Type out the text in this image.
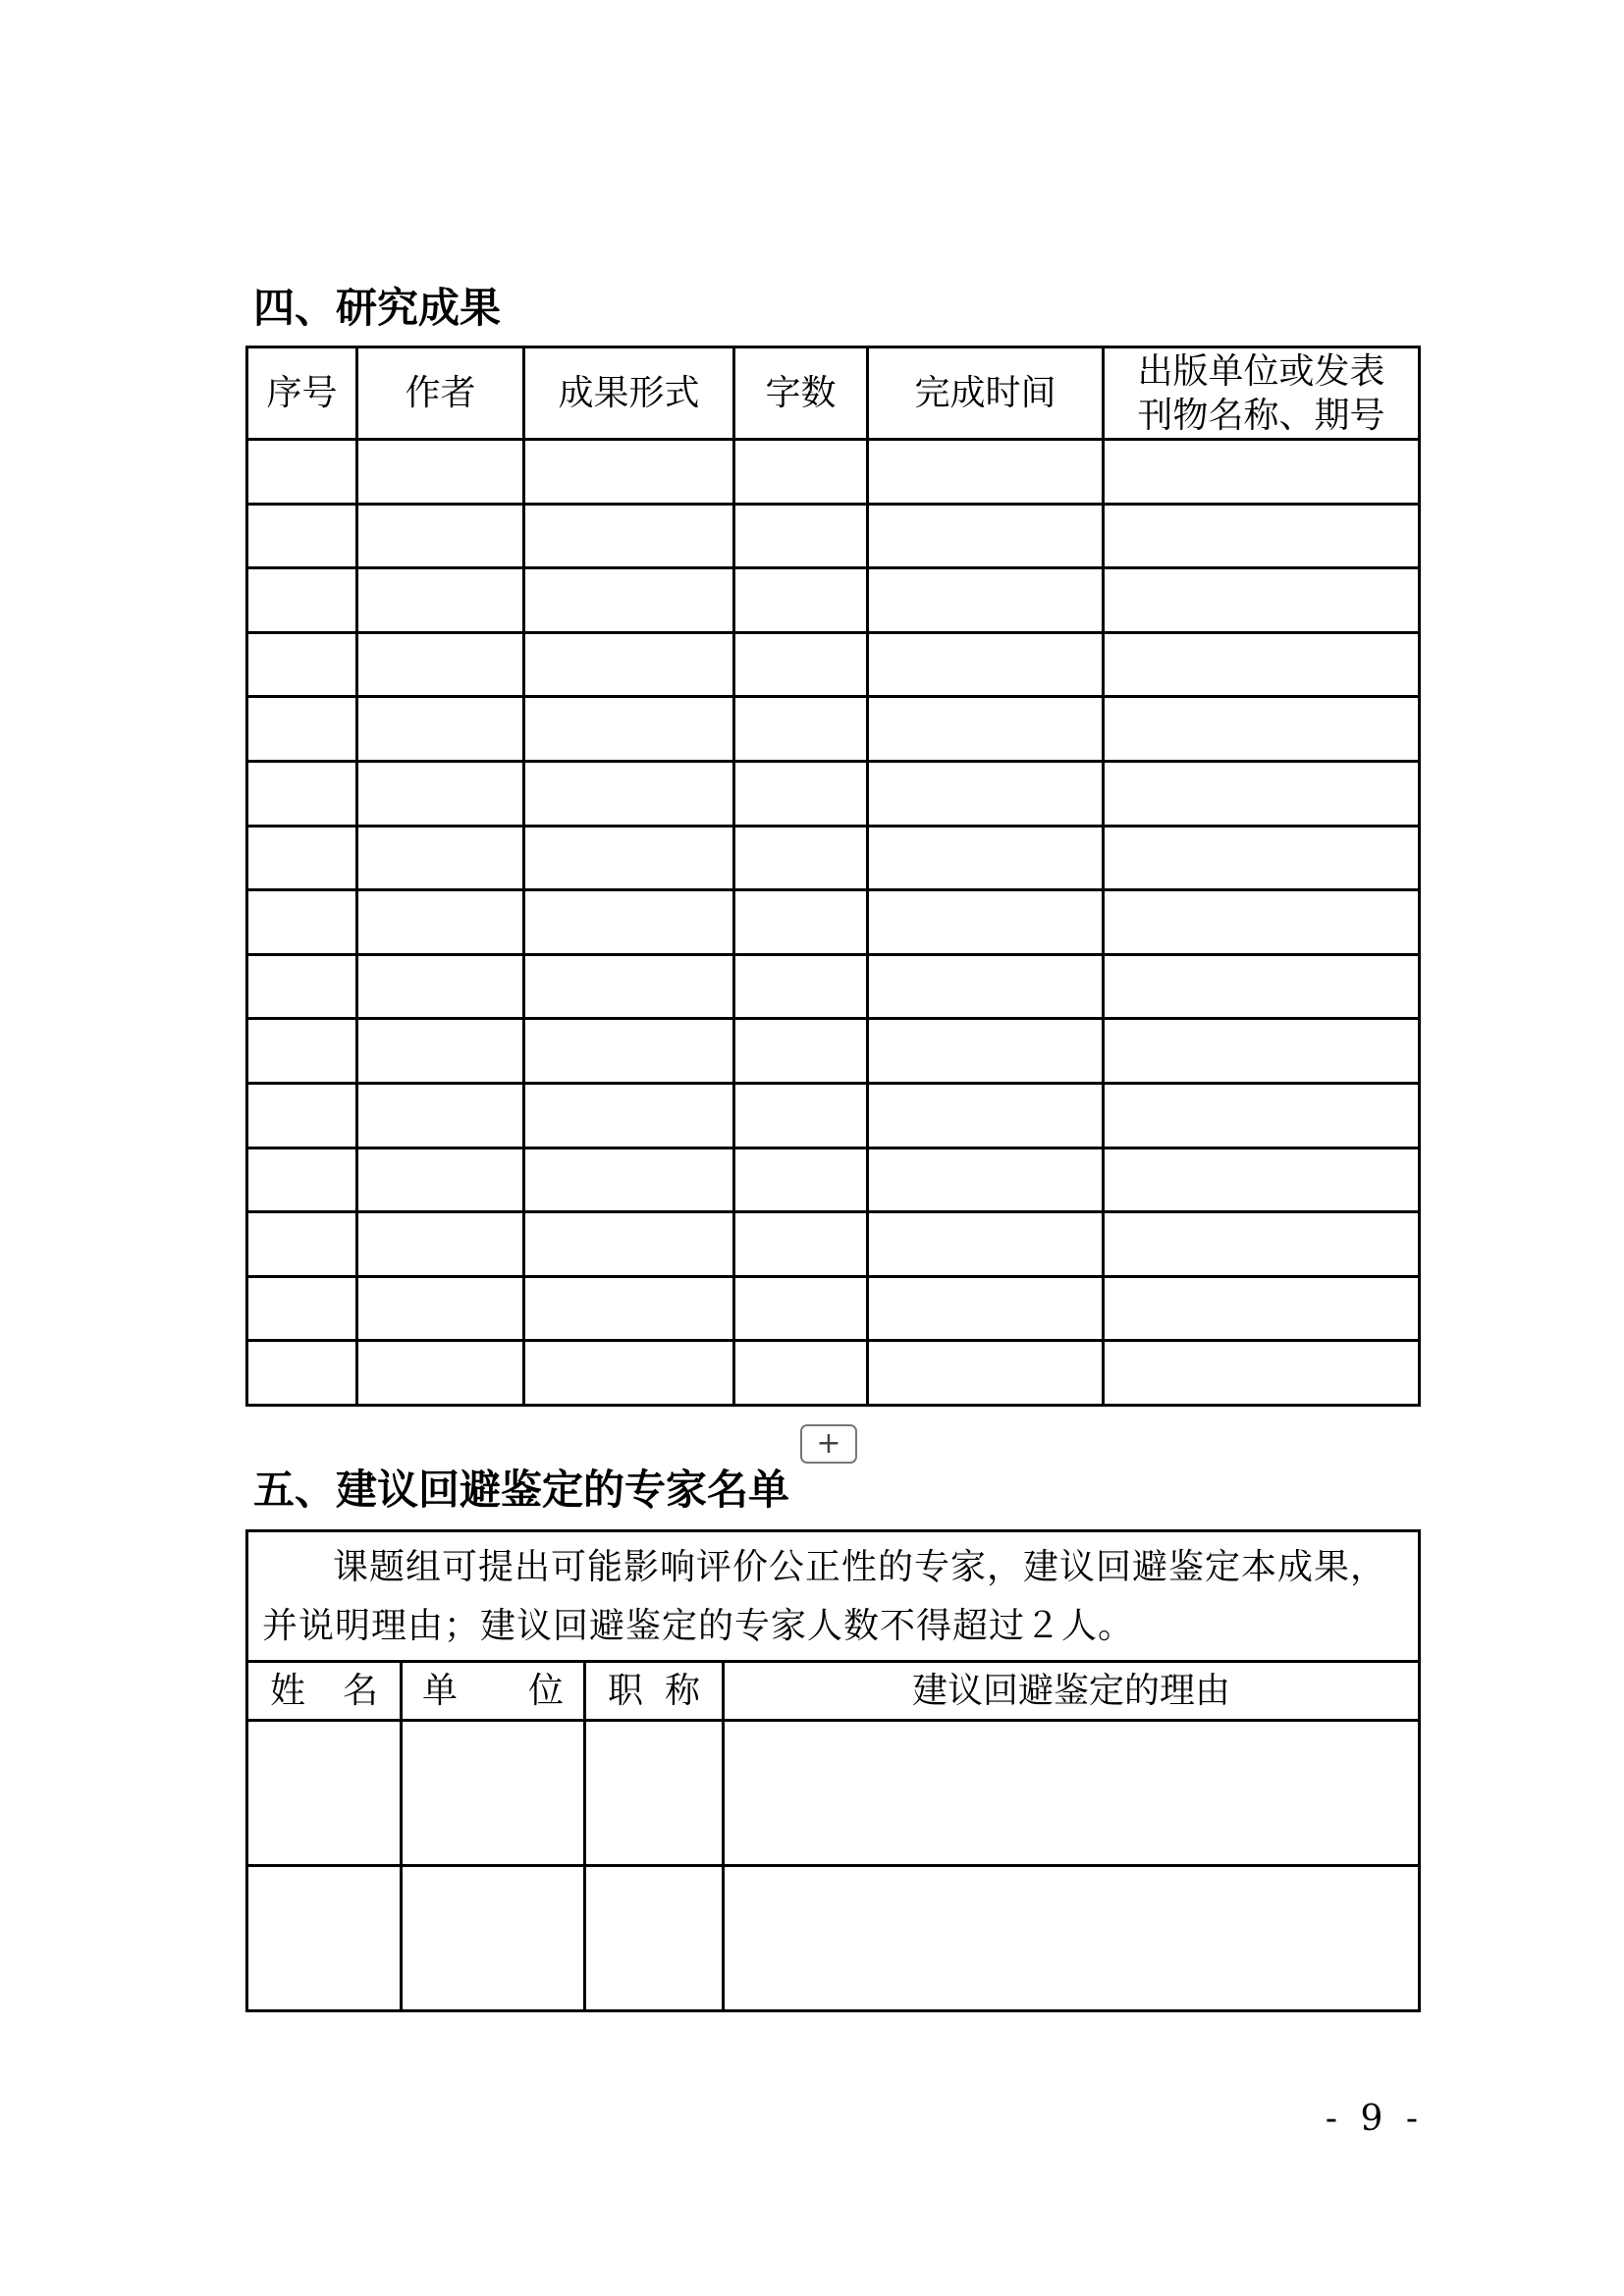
四、研究成果
序号	作者	成果形式	字数	完成时间	出版单位或发表
刊物名称、期号

+
五、建议回避鉴定的专家名单
课题组可提出可能影响评价公正性的专家，建议回避鉴定本成果，并说明理由；建议回避鉴定的专家人数不得超过２人。			

姓 名	单 位	职 称	建议回避鉴定的理由

- 9 -
